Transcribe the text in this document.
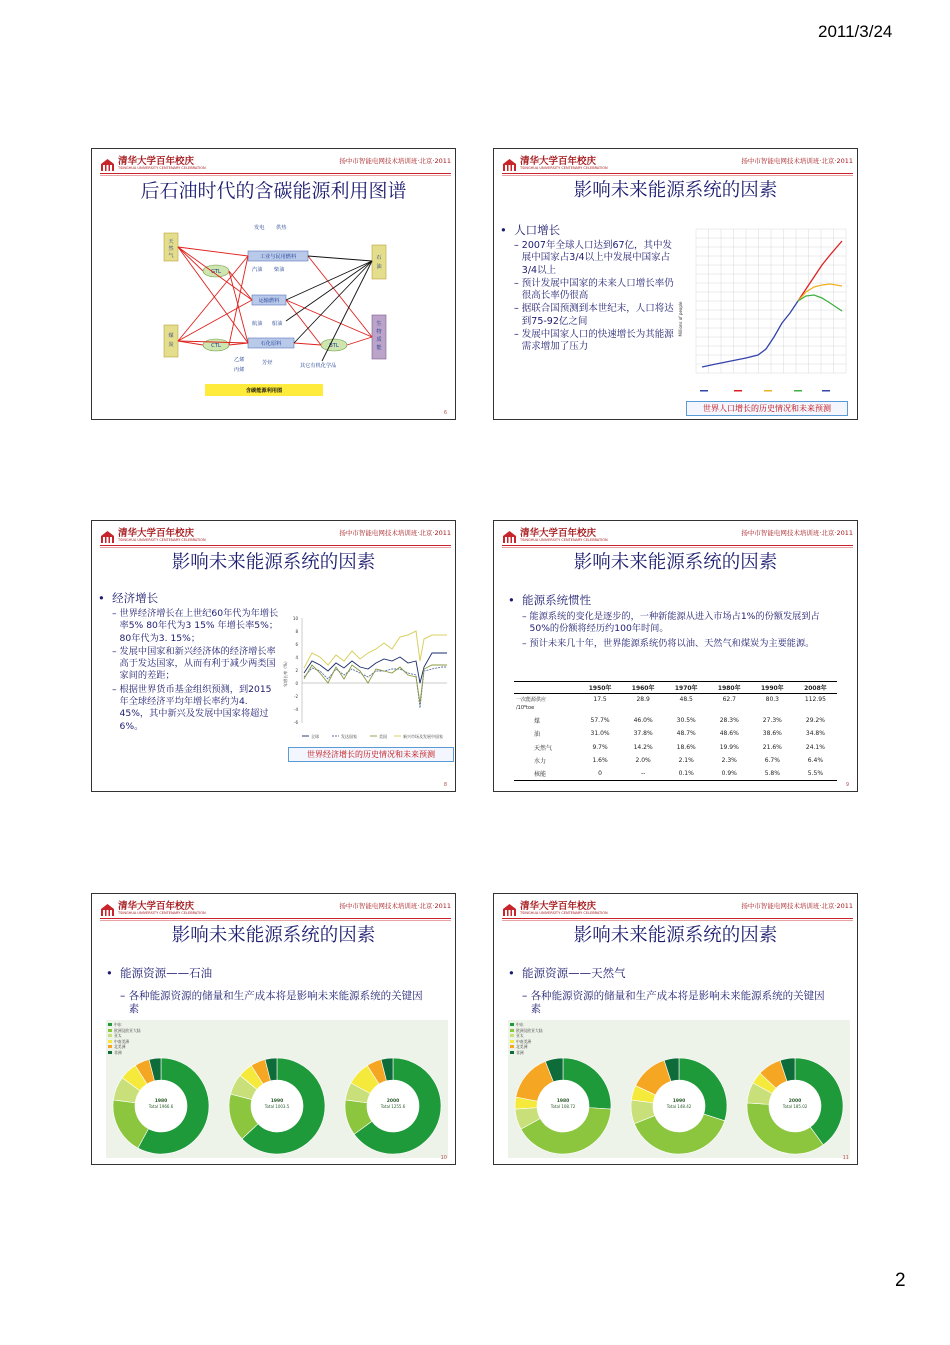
2011/3/24
清华大学百年校庆
TSINGHUA UNIVERSITY CENTENARY CELEBRATION
扬中市智能电网技术培训班·北京·2011
后石油时代的含碳能源利用图谱
天然气
煤炭
石油
生物质能
GTL
CTL	BTL
发电 供热
工业与民用燃料
汽油 柴油
运输燃料
航油 船油
石化原料
乙烯
丙烯
芳烃	其它有机化学品
含碳能源利用图
6
清华大学百年校庆
TSINGHUA UNIVERSITY CENTENARY CELEBRATION
扬中市智能电网技术培训班·北京·2011
影响未来能源系统的因素
•  人口增长
– 2007年全球人口达到67亿，其中发展中国家占3/4以上中发展中国家占3/4以上
– 预计发展中国家的未来人口增长率仍很高长率仍很高
– 据联合国预测到本世纪末，人口将达到75-92亿之间
– 发展中国家人口的快速增长为其能源需求增加了压力
Millions of people
世界人口增长的历史情况和未来预测
清华大学百年校庆
TSINGHUA UNIVERSITY CENTENARY CELEBRATION
扬中市智能电网技术培训班·北京·2011
影响未来能源系统的因素
•  经济增长
– 世界经济增长在上世纪60年代为年增长率5% 80年代为3 15% 年增长率5%；80年代为3. 15%；
– 发展中国家和新兴经济体的经济增长率高于发达国家，从而有利于减少两类国家间的差距；
– 根据世界货币基金组织预测，到2015年全球经济平均年增长率约为4. 45%，其中新兴及发展中国家将超过6%。
年增长率（%）
10
8
6
4
2
0
-2
-4
-6
全球	发达国家	美国	新兴市场及发展中国家
世界经济增长的历史情况和未来预测
8
清华大学百年校庆
TSINGHUA UNIVERSITY CENTENARY CELEBRATION
扬中市智能电网技术培训班·北京·2011
影响未来能源系统的因素
•  能源系统惯性
– 能源系统的变化是逐步的，一种新能源从进入市场占1%的份额发展到占50%的份额将经历约100年时间。
– 预计未来几十年，世界能源系统仍将以油、天然气和煤炭为主要能源。
	1950年	1960年	1970年	1980年	1990年	2008年
一次能源供应	17.5	28.9	48.5	62.7	80.3	112.95
/10⁶toe						
煤	57.7%	46.0%	30.5%	28.3%	27.3%	29.2%
油	31.0%	37.8%	48.7%	48.6%	38.6%	34.8%
天然气	9.7%	14.2%	18.6%	19.9%	21.6%	24.1%
水力	1.6%	2.0%	2.1%	2.3%	6.7%	6.4%
核能	0	--	0.1%	0.9%	5.8%	5.5%
9
清华大学百年校庆
TSINGHUA UNIVERSITY CENTENARY CELEBRATION
扬中市智能电网技术培训班·北京·2011
影响未来能源系统的因素
•  能源资源——石油
– 各种能源资源的储量和生产成本将是影响未来能源系统的关键因素
中东
欧洲及欧亚大陆
亚太
中南美洲
北美洲
非洲
1980
Total 1966.6
1990
Total 1003.5
2000
Total 1255.6
10
清华大学百年校庆
TSINGHUA UNIVERSITY CENTENARY CELEBRATION
扬中市智能电网技术培训班·北京·2011
影响未来能源系统的因素
•  能源资源——天然气
– 各种能源资源的储量和生产成本将是影响未来能源系统的关键因素
中东
欧洲及欧亚大陆
亚太
中南美洲
北美洲
非洲
1980
Total 108.72
1990
Total 148.42
2000
Total 185.02
11
2
